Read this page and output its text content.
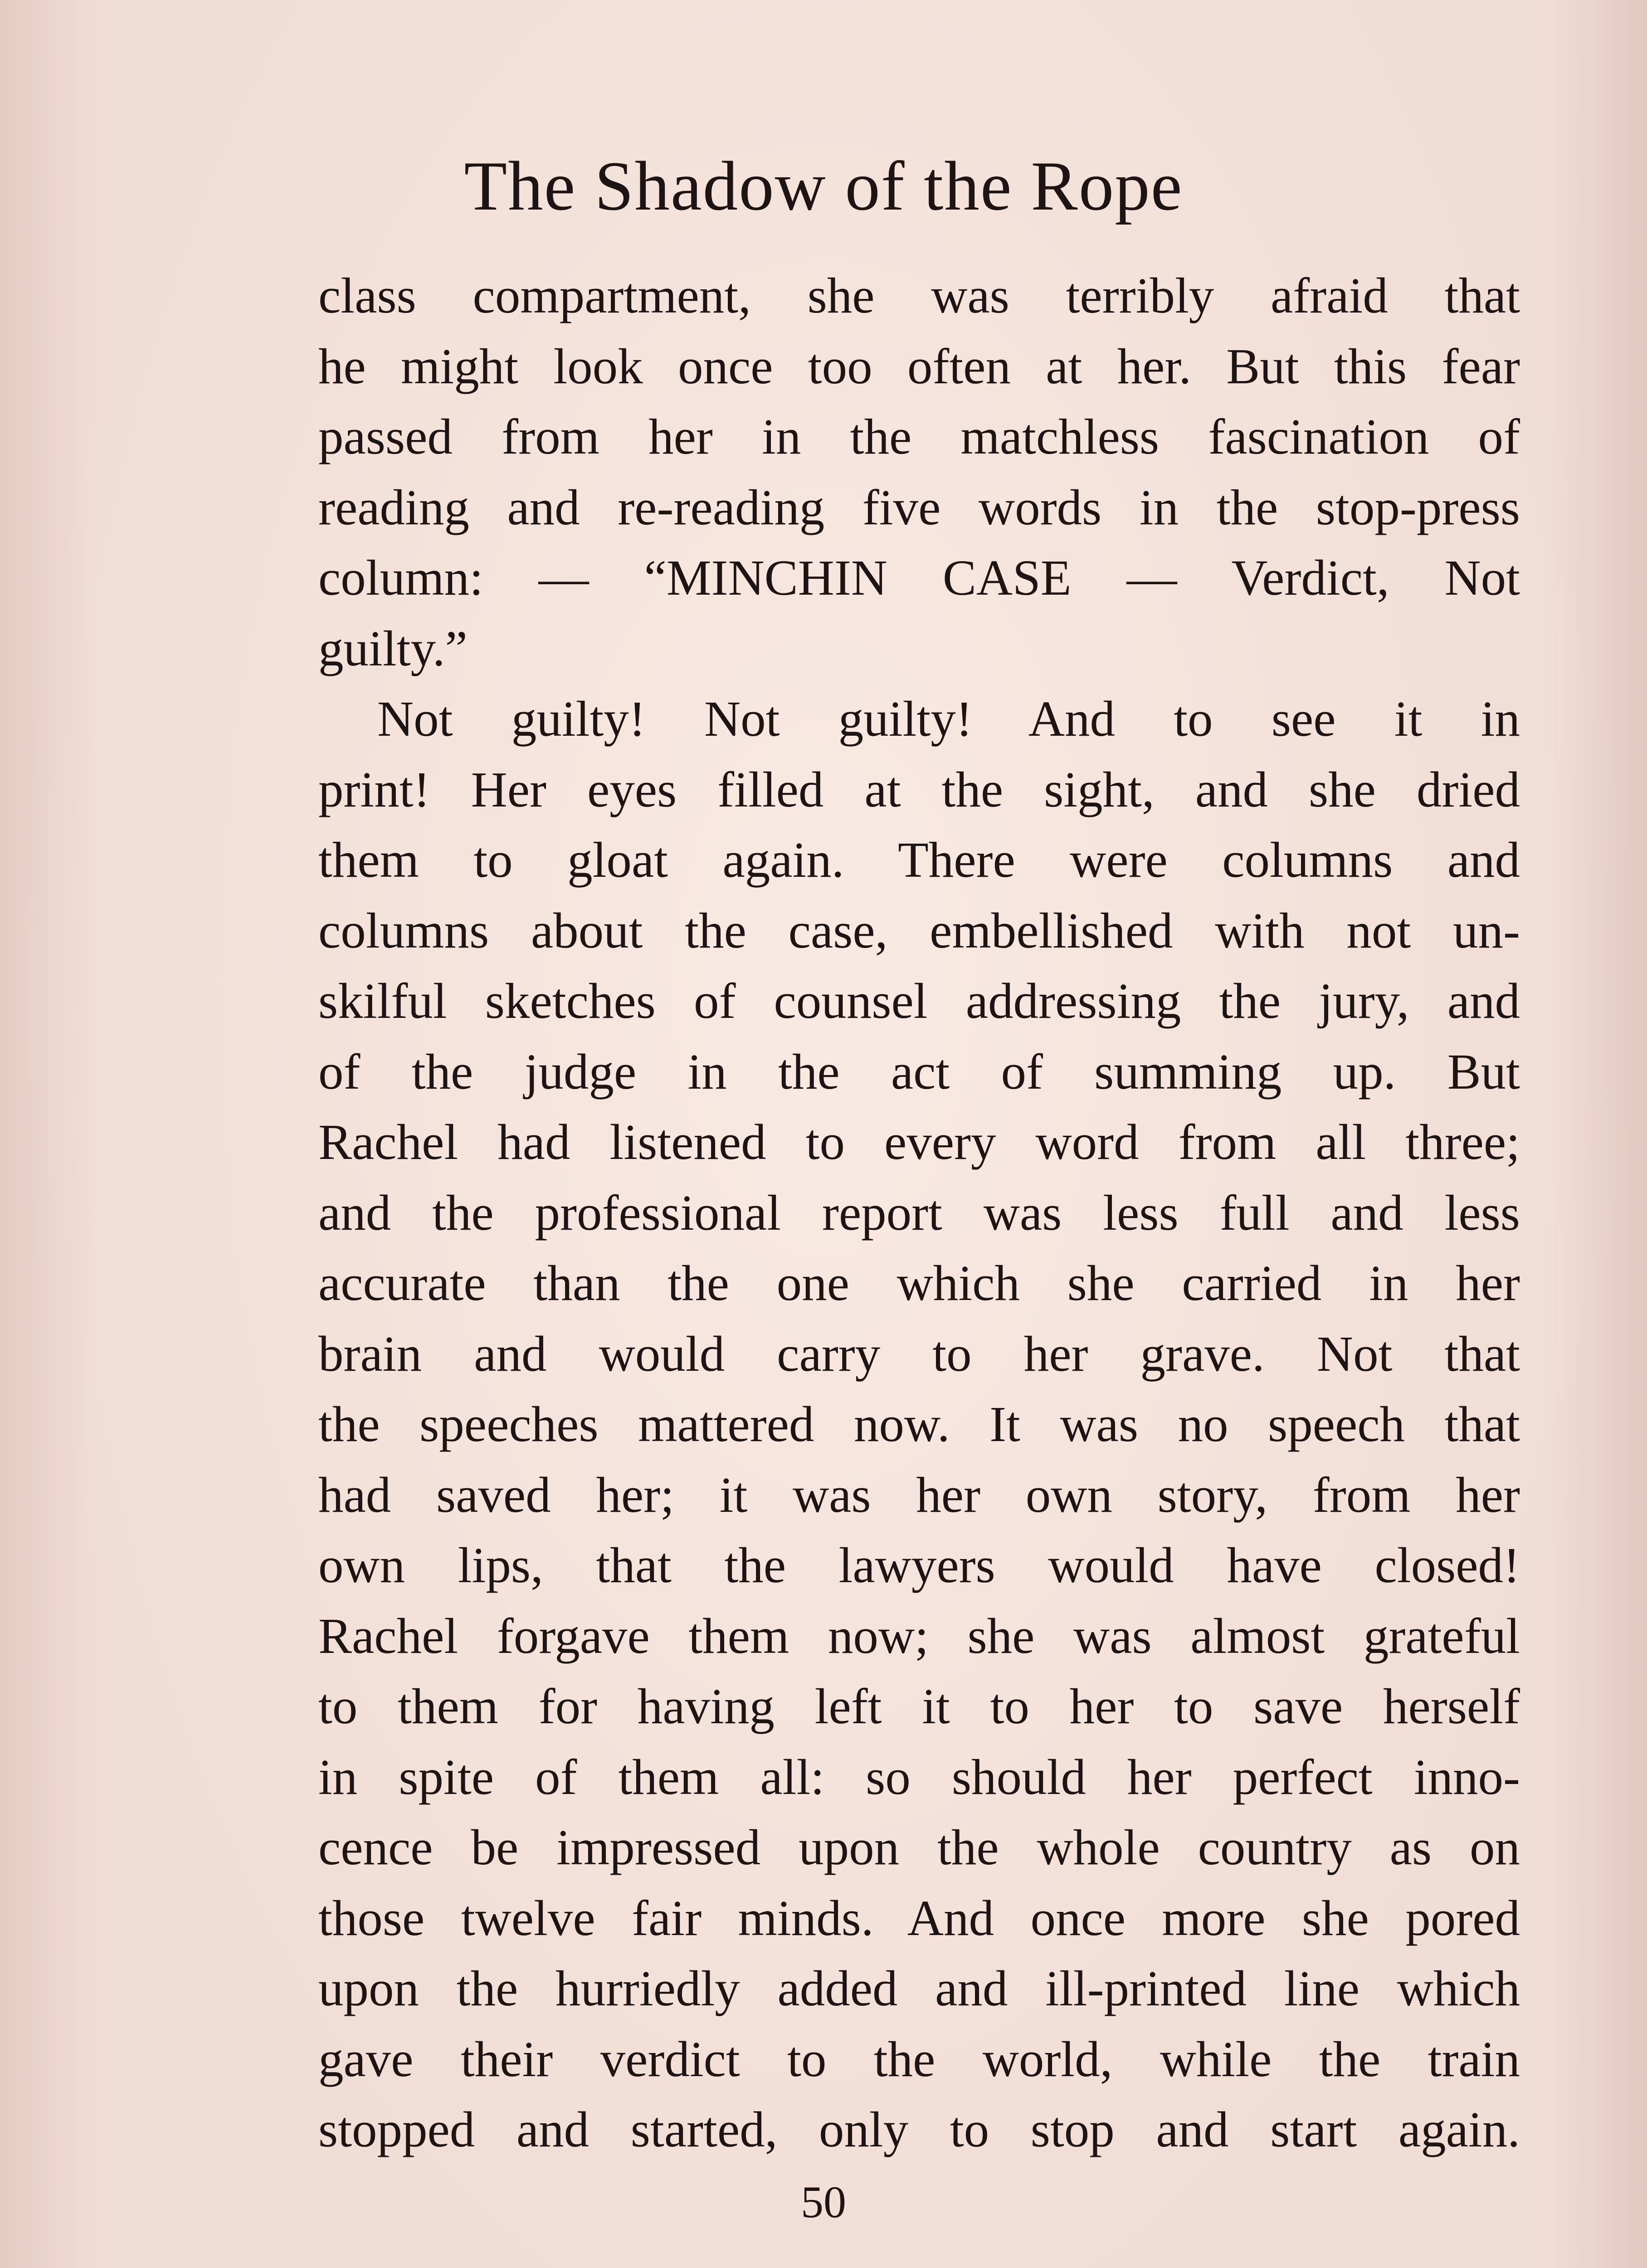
The Shadow of the Rope
class compartment, she was terribly afraid that
he might look once too often at her. But this fear
passed from her in the matchless fascination of
reading and re-reading five words in the stop-press
column: — “MINCHIN CASE — Verdict, Not
guilty.”
Not guilty! Not guilty! And to see it in
print! Her eyes filled at the sight, and she dried
them to gloat again. There were columns and
columns about the case, embellished with not un-
skilful sketches of counsel addressing the jury, and
of the judge in the act of summing up. But
Rachel had listened to every word from all three;
and the professional report was less full and less
accurate than the one which she carried in her
brain and would carry to her grave. Not that
the speeches mattered now. It was no speech that
had saved her; it was her own story, from her
own lips, that the lawyers would have closed!
Rachel forgave them now; she was almost grateful
to them for having left it to her to save herself
in spite of them all: so should her perfect inno-
cence be impressed upon the whole country as on
those twelve fair minds. And once more she pored
upon the hurriedly added and ill-printed line which
gave their verdict to the world, while the train
stopped and started, only to stop and start again.
50
